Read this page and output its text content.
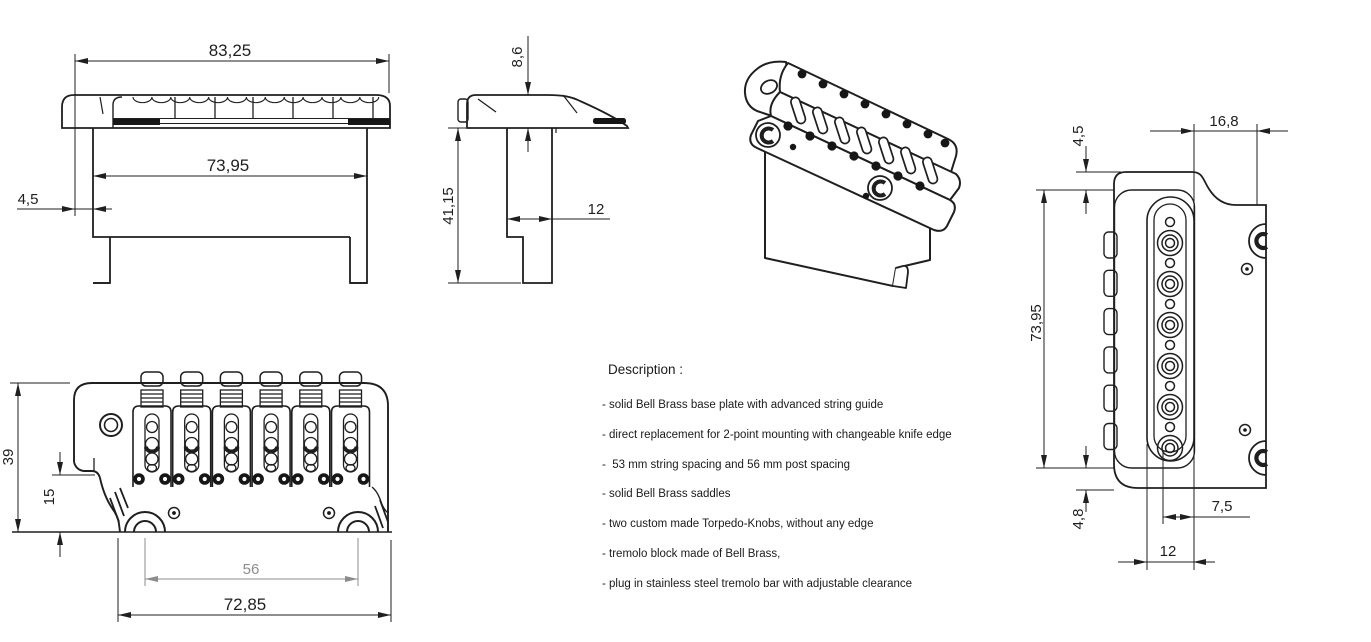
83,25
73,95
4,5
8,6
41,15	12
16,8
4,5
73,95
4,8
7,5
12
39
15
56
72,85

Description :

- solid Bell Brass base plate with advanced string guide
- direct replacement for 2-point mounting with changeable knife edge
-  53 mm string spacing and 56 mm post spacing
- solid Bell Brass saddles
- two custom made Torpedo-Knobs, without any edge
- tremolo block made of Bell Brass,
- plug in stainless steel tremolo bar with adjustable clearance
